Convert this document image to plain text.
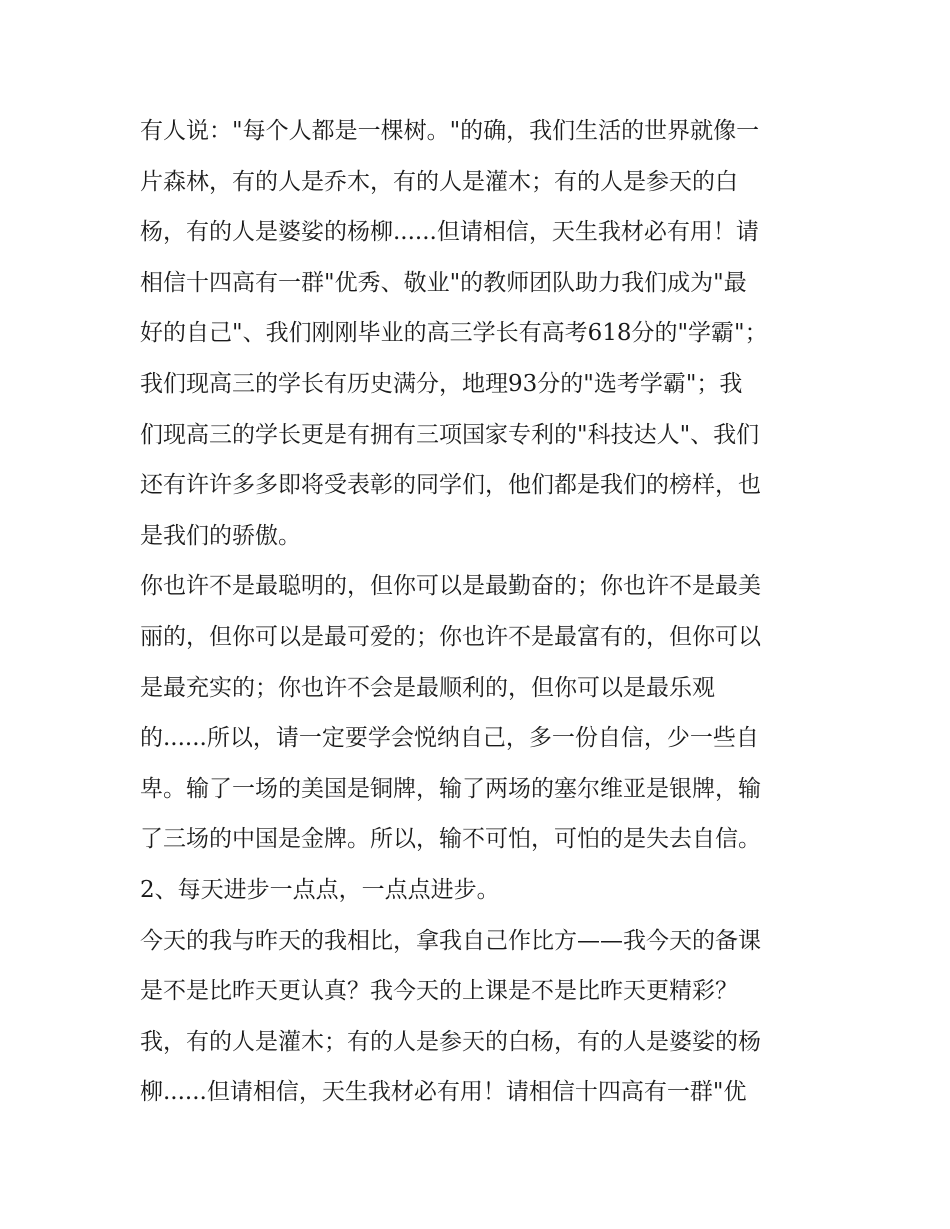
有人说："每个人都是一棵树。"的确，我们生活的世界就像一
片森林，有的人是乔木，有的人是灌木；有的人是参天的白
杨，有的人是婆娑的杨柳......但请相信，天生我材必有用！请
相信十四高有一群"优秀、敬业"的教师团队助力我们成为"最
好的自己"、我们刚刚毕业的高三学长有高考618分的"学霸"；
我们现高三的学长有历史满分，地理93分的"选考学霸"；我
们现高三的学长更是有拥有三项国家专利的"科技达人"、我们
还有许许多多即将受表彰的同学们，他们都是我们的榜样，也
是我们的骄傲。
你也许不是最聪明的，但你可以是最勤奋的；你也许不是最美
丽的，但你可以是最可爱的；你也许不是最富有的，但你可以
是最充实的；你也许不会是最顺利的，但你可以是最乐观
的......所以，请一定要学会悦纳自己，多一份自信，少一些自
卑。输了一场的美国是铜牌，输了两场的塞尔维亚是银牌，输
了三场的中国是金牌。所以，输不可怕，可怕的是失去自信。
2、每天进步一点点，一点点进步。
今天的我与昨天的我相比，拿我自己作比方——我今天的备课
是不是比昨天更认真？我今天的上课是不是比昨天更精彩？
我，有的人是灌木；有的人是参天的白杨，有的人是婆娑的杨
柳......但请相信，天生我材必有用！请相信十四高有一群"优
